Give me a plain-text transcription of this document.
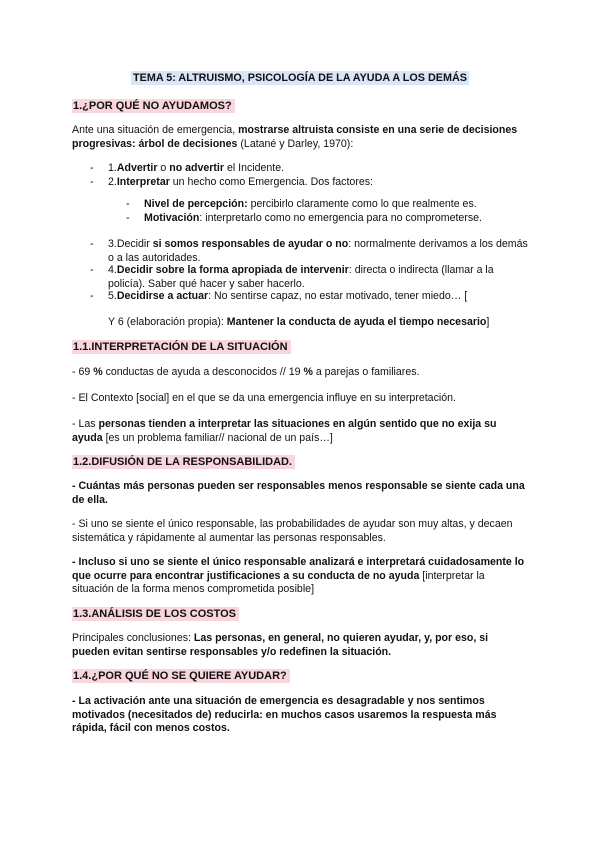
TEMA 5: ALTRUISMO, PSICOLOGÍA DE LA AYUDA A LOS DEMÁS
1.¿POR QUÉ NO AYUDAMOS?
Ante una situación de emergencia, mostrarse altruista consiste en una serie de decisiones progresivas: árbol de decisiones (Latané y Darley, 1970):
- 1.Advertir o no advertir el Incidente.
- 2.Interpretar un hecho como Emergencia. Dos factores:
- Nivel de percepción: percibirlo claramente como lo que realmente es.
- Motivación: interpretarlo como no emergencia para no comprometerse.
- 3.Decidir si somos responsables de ayudar o no: normalmente derivamos a los demás o a las autoridades.
- 4.Decidir sobre la forma apropiada de intervenir: directa o indirecta (llamar a la policía). Saber qué hacer y saber hacerlo.
- 5.Decidirse a actuar: No sentirse capaz, no estar motivado, tener miedo… [
Y 6 (elaboración propia): Mantener la conducta de ayuda el tiempo necesario]
1.1.INTERPRETACIÓN DE LA SITUACIÓN
- 69 % conductas de ayuda a desconocidos // 19 % a parejas o familiares.
- El Contexto [social] en el que se da una emergencia influye en su interpretación.
- Las personas tienden a interpretar las situaciones en algún sentido que no exija su ayuda [es un problema familiar// nacional de un país…]
1.2.DIFUSIÓN DE LA RESPONSABILIDAD.
- Cuántas más personas pueden ser responsables menos responsable se siente cada una de ella.
- Si uno se siente el único responsable, las probabilidades de ayudar son muy altas, y decaen sistemática y rápidamente al aumentar las personas responsables.
- Incluso si uno se siente el único responsable analizará e interpretará cuidadosamente lo que ocurre para encontrar justificaciones a su conducta de no ayuda [interpretar la situación de la forma menos comprometida posible]
1.3.ANÁLISIS DE LOS COSTOS
Principales conclusiones: Las personas, en general, no quieren ayudar, y, por eso, si pueden evitan sentirse responsables y/o redefinen la situación.
1.4.¿POR QUÉ NO SE QUIERE AYUDAR?
- La activación ante una situación de emergencia es desagradable y nos sentimos motivados (necesitados de) reducirla: en muchos casos usaremos la respuesta más rápida, fácil con menos costos.
